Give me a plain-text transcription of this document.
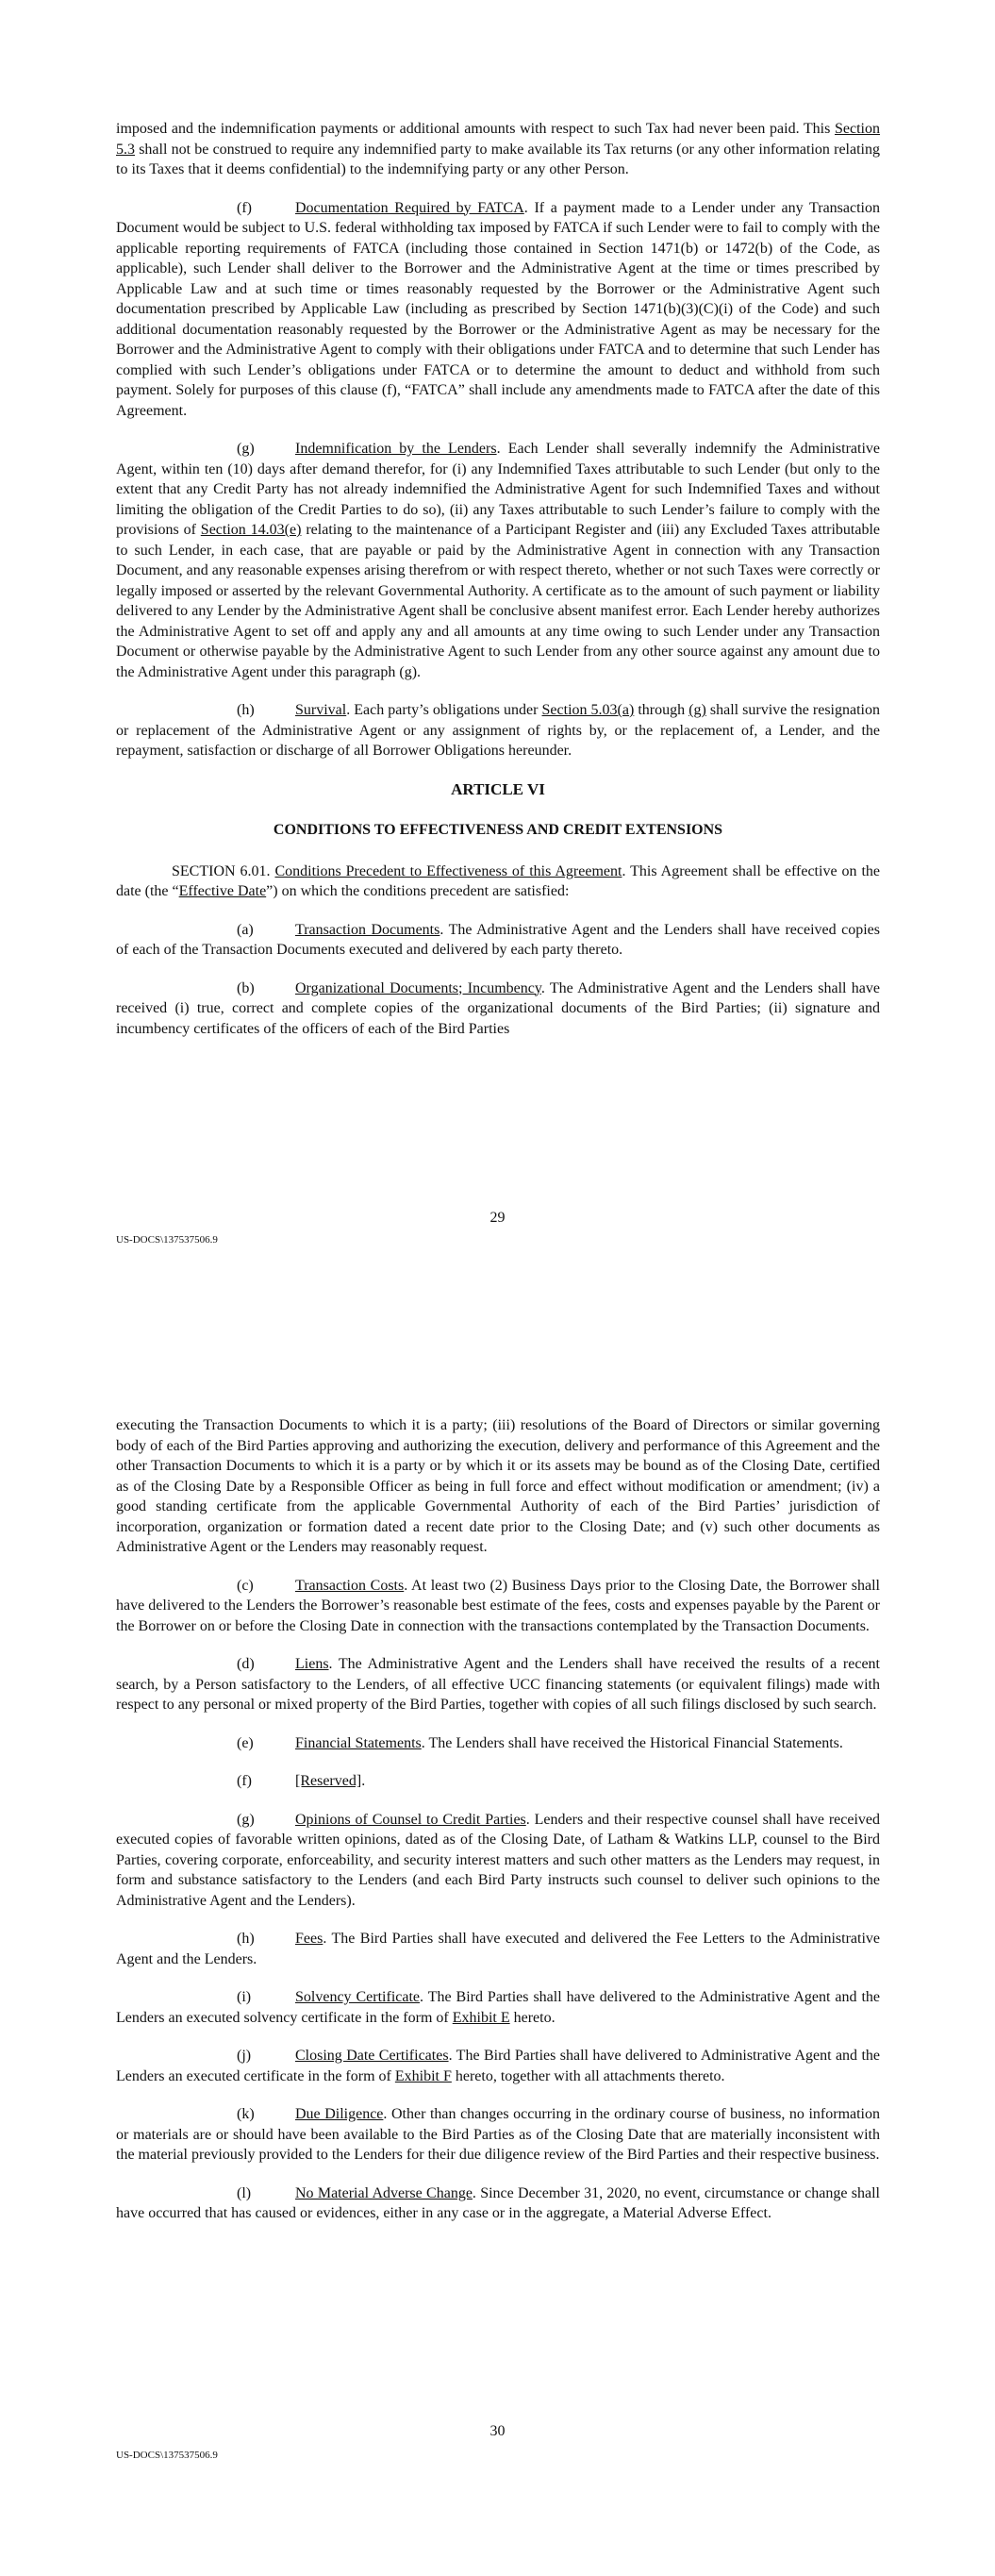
imposed and the indemnification payments or additional amounts with respect to such Tax had never been paid. This Section 5.3 shall not be construed to require any indemnified party to make available its Tax returns (or any other information relating to its Taxes that it deems confidential) to the indemnifying party or any other Person.

(f)	Documentation Required by FATCA. If a payment made to a Lender under any Transaction Document would be subject to U.S. federal withholding tax imposed by FATCA if such Lender were to fail to comply with the applicable reporting requirements of FATCA (including those contained in Section 1471(b) or 1472(b) of the Code, as applicable), such Lender shall deliver to the Borrower and the Administrative Agent at the time or times prescribed by Applicable Law and at such time or times reasonably requested by the Borrower or the Administrative Agent such documentation prescribed by Applicable Law (including as prescribed by Section 1471(b)(3)(C)(i) of the Code) and such additional documentation reasonably requested by the Borrower or the Administrative Agent as may be necessary for the Borrower and the Administrative Agent to comply with their obligations under FATCA and to determine that such Lender has complied with such Lender’s obligations under FATCA or to determine the amount to deduct and withhold from such payment. Solely for purposes of this clause (f), “FATCA” shall include any amendments made to FATCA after the date of this Agreement.

(g)	Indemnification by the Lenders. Each Lender shall severally indemnify the Administrative Agent, within ten (10) days after demand therefor, for (i) any Indemnified Taxes attributable to such Lender (but only to the extent that any Credit Party has not already indemnified the Administrative Agent for such Indemnified Taxes and without limiting the obligation of the Credit Parties to do so), (ii) any Taxes attributable to such Lender’s failure to comply with the provisions of Section 14.03(e) relating to the maintenance of a Participant Register and (iii) any Excluded Taxes attributable to such Lender, in each case, that are payable or paid by the Administrative Agent in connection with any Transaction Document, and any reasonable expenses arising therefrom or with respect thereto, whether or not such Taxes were correctly or legally imposed or asserted by the relevant Governmental Authority. A certificate as to the amount of such payment or liability delivered to any Lender by the Administrative Agent shall be conclusive absent manifest error. Each Lender hereby authorizes the Administrative Agent to set off and apply any and all amounts at any time owing to such Lender under any Transaction Document or otherwise payable by the Administrative Agent to such Lender from any other source against any amount due to the Administrative Agent under this paragraph (g).

(h)	Survival. Each party’s obligations under Section 5.03(a) through (g) shall survive the resignation or replacement of the Administrative Agent or any assignment of rights by, or the replacement of, a Lender, and the repayment, satisfaction or discharge of all Borrower Obligations hereunder.

ARTICLE VI

CONDITIONS TO EFFECTIVENESS AND CREDIT EXTENSIONS

SECTION 6.01. Conditions Precedent to Effectiveness of this Agreement. This Agreement shall be effective on the date (the “Effective Date”) on which the conditions precedent are satisfied:

(a)	Transaction Documents. The Administrative Agent and the Lenders shall have received copies of each of the Transaction Documents executed and delivered by each party thereto.

(b)	Organizational Documents; Incumbency. The Administrative Agent and the Lenders shall have received (i) true, correct and complete copies of the organizational documents of the Bird Parties; (ii) signature and incumbency certificates of the officers of each of the Bird Parties

29
US-DOCS\137537506.9

executing the Transaction Documents to which it is a party; (iii) resolutions of the Board of Directors or similar governing body of each of the Bird Parties approving and authorizing the execution, delivery and performance of this Agreement and the other Transaction Documents to which it is a party or by which it or its assets may be bound as of the Closing Date, certified as of the Closing Date by a Responsible Officer as being in full force and effect without modification or amendment; (iv) a good standing certificate from the applicable Governmental Authority of each of the Bird Parties’ jurisdiction of incorporation, organization or formation dated a recent date prior to the Closing Date; and (v) such other documents as Administrative Agent or the Lenders may reasonably request.

(c)	Transaction Costs. At least two (2) Business Days prior to the Closing Date, the Borrower shall have delivered to the Lenders the Borrower’s reasonable best estimate of the fees, costs and expenses payable by the Parent or the Borrower on or before the Closing Date in connection with the transactions contemplated by the Transaction Documents.

(d)	Liens. The Administrative Agent and the Lenders shall have received the results of a recent search, by a Person satisfactory to the Lenders, of all effective UCC financing statements (or equivalent filings) made with respect to any personal or mixed property of the Bird Parties, together with copies of all such filings disclosed by such search.

(e)	Financial Statements. The Lenders shall have received the Historical Financial Statements.

(f)	[Reserved].

(g)	Opinions of Counsel to Credit Parties. Lenders and their respective counsel shall have received executed copies of favorable written opinions, dated as of the Closing Date, of Latham & Watkins LLP, counsel to the Bird Parties, covering corporate, enforceability, and security interest matters and such other matters as the Lenders may request, in form and substance satisfactory to the Lenders (and each Bird Party instructs such counsel to deliver such opinions to the Administrative Agent and the Lenders).

(h)	Fees. The Bird Parties shall have executed and delivered the Fee Letters to the Administrative Agent and the Lenders.

(i)	Solvency Certificate. The Bird Parties shall have delivered to the Administrative Agent and the Lenders an executed solvency certificate in the form of Exhibit E hereto.

(j)	Closing Date Certificates. The Bird Parties shall have delivered to Administrative Agent and the Lenders an executed certificate in the form of Exhibit F hereto, together with all attachments thereto.

(k)	Due Diligence. Other than changes occurring in the ordinary course of business, no information or materials are or should have been available to the Bird Parties as of the Closing Date that are materially inconsistent with the material previously provided to the Lenders for their due diligence review of the Bird Parties and their respective business.

(l)	No Material Adverse Change. Since December 31, 2020, no event, circumstance or change shall have occurred that has caused or evidences, either in any case or in the aggregate, a Material Adverse Effect.

30
US-DOCS\137537506.9
